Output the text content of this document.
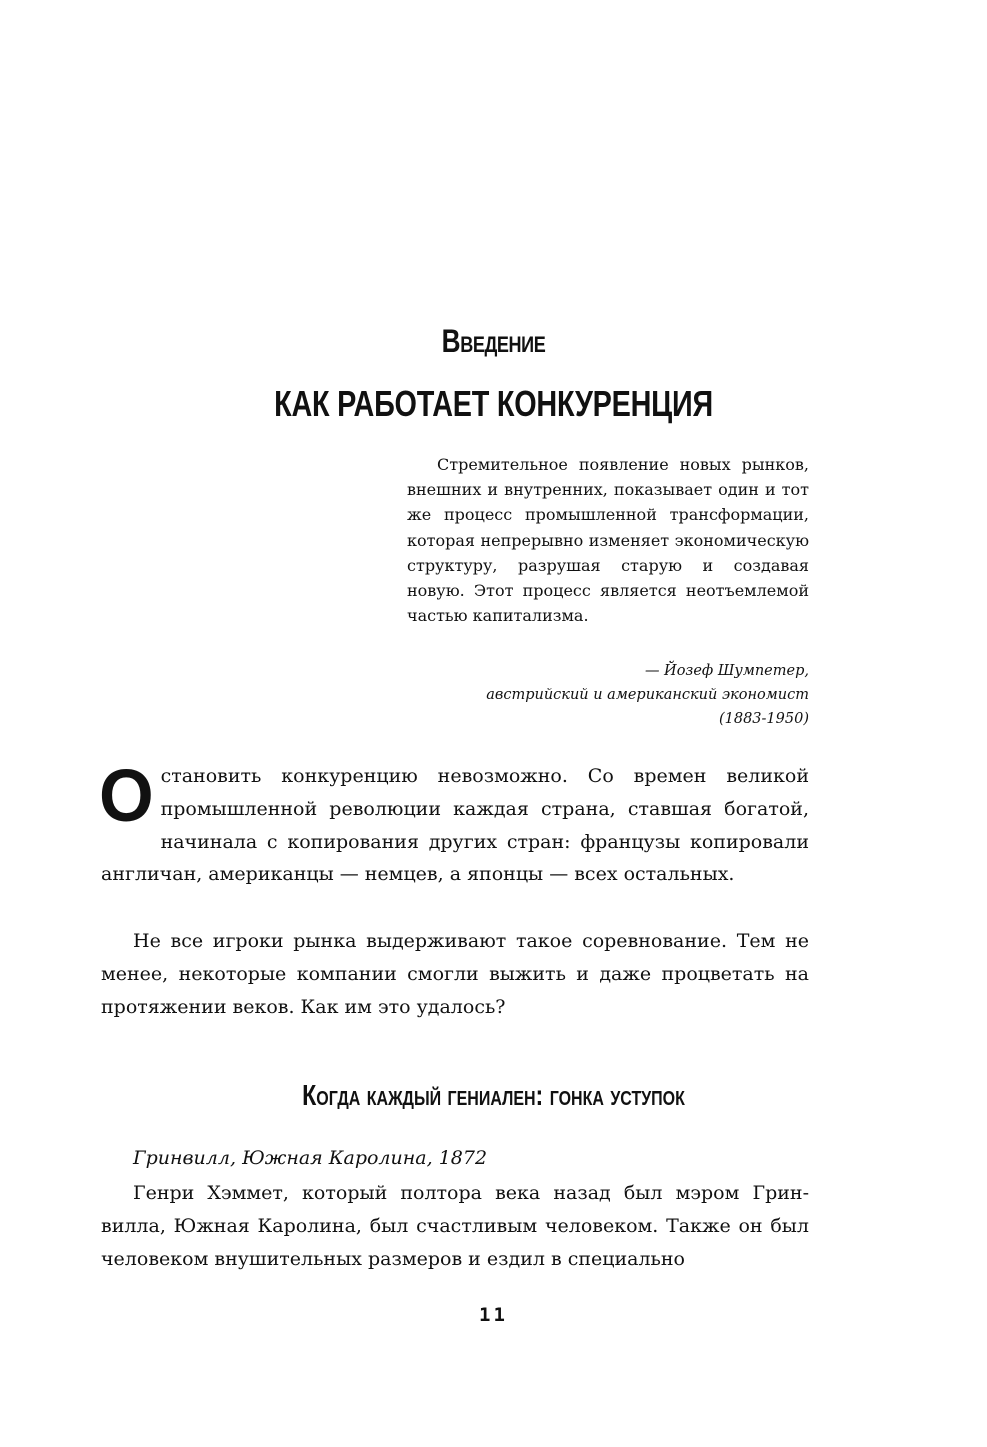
Введение
КАК РАБОТАЕТ КОНКУРЕНЦИЯ

Стремительное появление новых рынков, внешних и внутренних, показывает один и тот же процесс промышленной трансформации, которая непрерывно изменяет экономическую структуру, разрушая старую и создавая новую. Этот процесс является неотъемлемой частью капитализма.

— Йозеф Шумпетер,
австрийский и американский экономист
(1883-1950)

Остановить конкуренцию невозможно. Со времен великой промышленной революции каждая страна, ставшая богатой, начинала с копирования других стран: французы копировали англичан, американцы — немцев, а японцы — всех остальных.

Не все игроки рынка выдерживают такое соревнование. Тем не менее, некоторые компании смогли выжить и даже процветать на протяжении веков. Как им это удалось?

Когда каждый гениален: гонка уступок
Гринвилл, Южная Каролина, 1872

Генри Хэммет, который полтора века назад был мэром Гринвилла, Южная Каролина, был счастливым человеком. Также он был человеком внушительных размеров и ездил в специально

11
